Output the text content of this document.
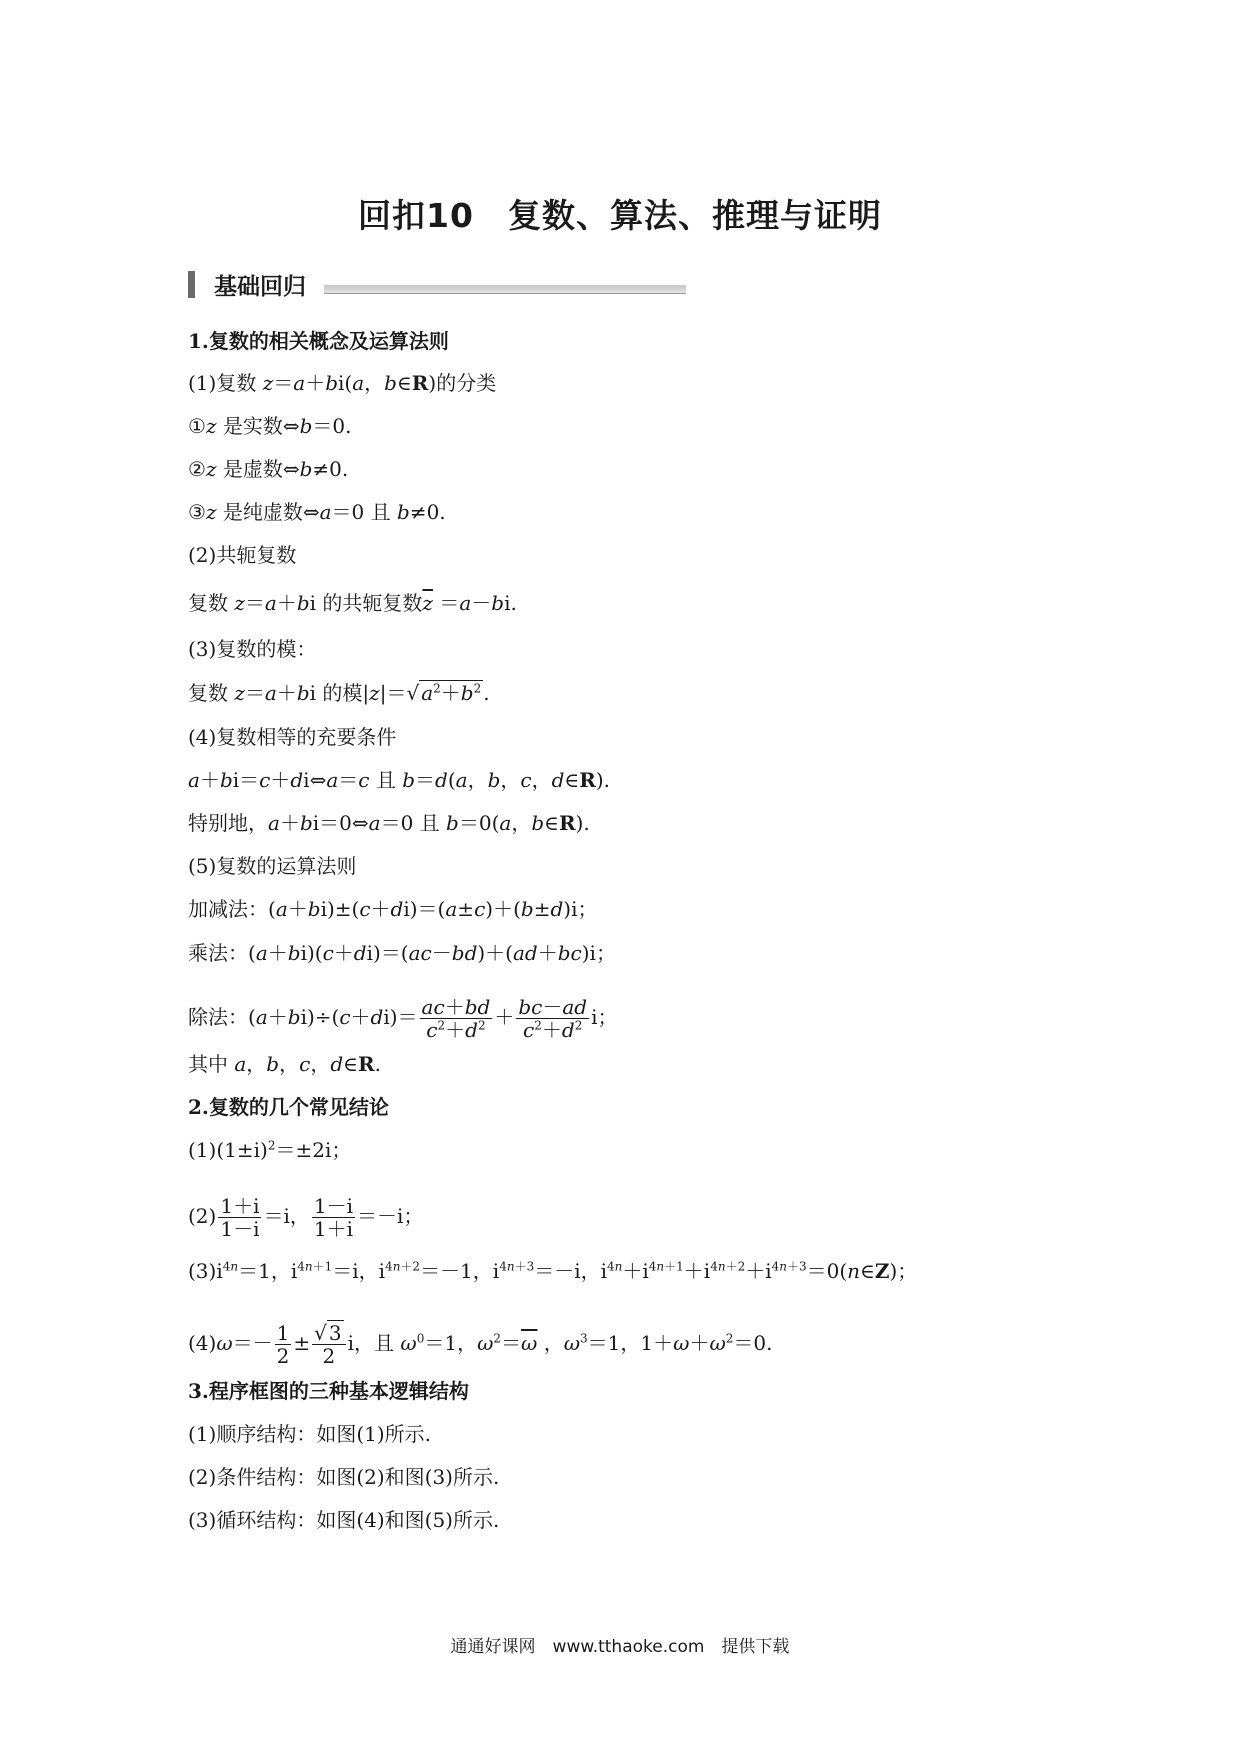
回扣10　复数、算法、推理与证明
基础回归
1.复数的相关概念及运算法则
(1)复数 z＝a＋bi(a，b∈R)的分类
①z 是实数⇔b＝0.
②z 是虚数⇔b≠0.
③z 是纯虚数⇔a＝0 且 b≠0.
(2)共轭复数
复数 z＝a＋bi 的共轭复数$\overline{z} =a-bi$.
(3)复数的模：
复数 z＝a＋bi 的模|z|＝√ $a^2+b^2$ .
(4)复数相等的充要条件
a＋bi＝c＋di⇔a＝c 且 b＝d(a，b，c，d∈R).
特别地，a＋bi＝0⇔a＝0 且 b＝0(a，b∈R).
(5)复数的运算法则
加减法：(a＋bi)±(c＋di)＝(a±c)＋(b±d)i；
乘法：(a＋bi)(c＋di)＝(ac－bd)＋(ad＋bc)i；
除法：$(a+bi)\div(c+di)= \frac{ac+bd}{c^2+d^2} + \frac{bc-ad}{c^2+d^2}$ i；
其中 a，b，c，d∈R.
2.复数的几个常见结论
$(1)(1\pm i)^2=\pm 2i$；
$(2) \frac{1+i}{1-i} =i$， $\frac{1-i}{1+i} =-i$；
$(3)i^{4n}=1$，$i^{4n+1}=i$，$i^{4n+2}=-1$，$i^{4n+3}=-i$，$i^{4n}+i^{4n+1}+i^{4n+2}+i^{4n+3}=0(n\in Z)$；
$(4)\omega=- \frac{1}{2} \pm \frac{√ 3}{2}$ i，且 $\omega^0=1$，$\omega^2=\overline{\omega}$ ，$\omega^3=1$，$1+\omega+\omega^2=0$.
3.程序框图的三种基本逻辑结构
(1)顺序结构：如图(1)所示.
(2)条件结构：如图(2)和图(3)所示.
(3)循环结构：如图(4)和图(5)所示.
通通好课网　www.tthaoke.com　提供下载
